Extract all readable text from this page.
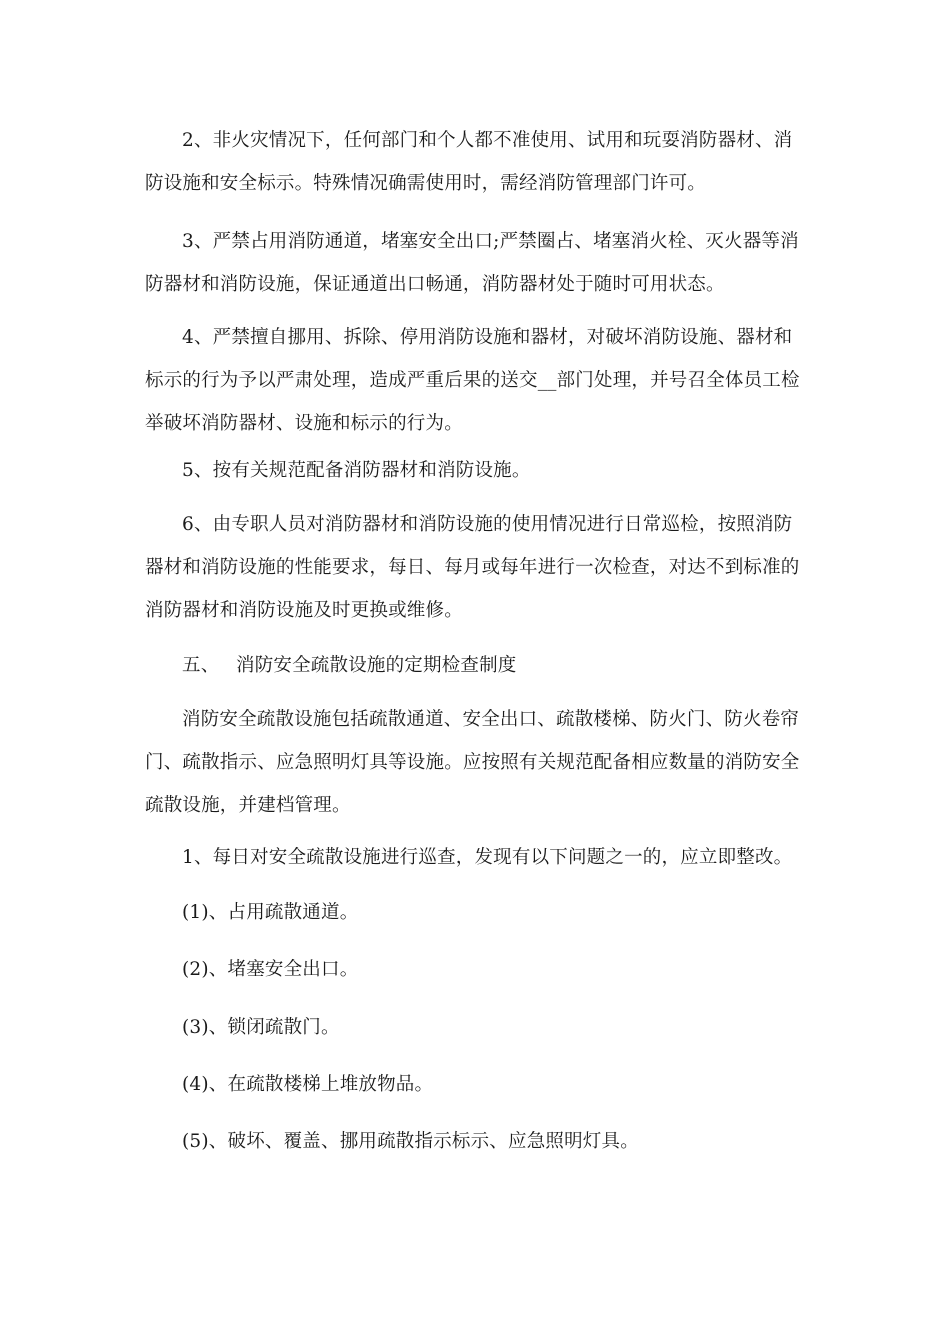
2、非火灾情况下，任何部门和个人都不准使用、试用和玩耍消防器材、消防设施和安全标示。特殊情况确需使用时，需经消防管理部门许可。

3、严禁占用消防通道，堵塞安全出口;严禁圈占、堵塞消火栓、灭火器等消防器材和消防设施，保证通道出口畅通，消防器材处于随时可用状态。

4、严禁擅自挪用、拆除、停用消防设施和器材，对破坏消防设施、器材和标示的行为予以严肃处理，造成严重后果的送交__部门处理，并号召全体员工检举破坏消防器材、设施和标示的行为。

5、按有关规范配备消防器材和消防设施。

6、由专职人员对消防器材和消防设施的使用情况进行日常巡检，按照消防器材和消防设施的性能要求，每日、每月或每年进行一次检查，对达不到标准的消防器材和消防设施及时更换或维修。

五、 消防安全疏散设施的定期检查制度

消防安全疏散设施包括疏散通道、安全出口、疏散楼梯、防火门、防火卷帘门、疏散指示、应急照明灯具等设施。应按照有关规范配备相应数量的消防安全疏散设施，并建档管理。

1、每日对安全疏散设施进行巡查，发现有以下问题之一的，应立即整改。

(1)、占用疏散通道。

(2)、堵塞安全出口。

(3)、锁闭疏散门。

(4)、在疏散楼梯上堆放物品。

(5)、破坏、覆盖、挪用疏散指示标示、应急照明灯具。
